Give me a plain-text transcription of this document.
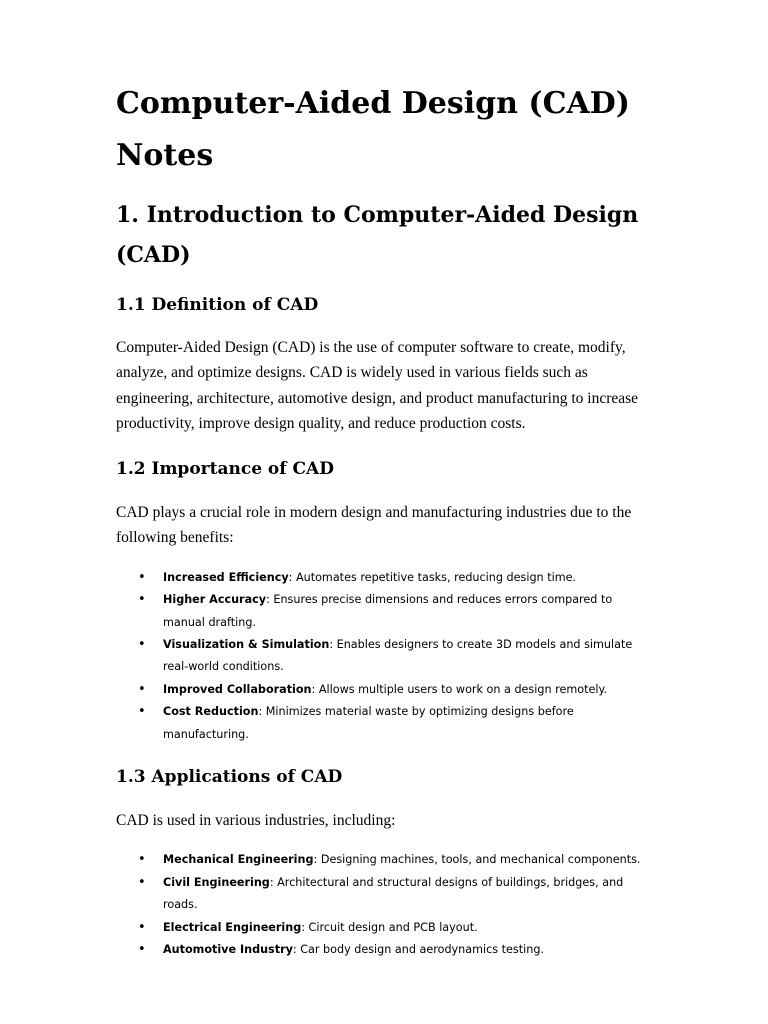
Computer-Aided Design (CAD) Notes
1. Introduction to Computer-Aided Design (CAD)
1.1 Definition of CAD

Computer-Aided Design (CAD) is the use of computer software to create, modify, analyze, and optimize designs. CAD is widely used in various fields such as engineering, architecture, automotive design, and product manufacturing to increase productivity, improve design quality, and reduce production costs.

1.2 Importance of CAD

CAD plays a crucial role in modern design and manufacturing industries due to the following benefits:

• Increased Efficiency: Automates repetitive tasks, reducing design time.
• Higher Accuracy: Ensures precise dimensions and reduces errors compared to manual drafting.
• Visualization & Simulation: Enables designers to create 3D models and simulate real-world conditions.
• Improved Collaboration: Allows multiple users to work on a design remotely.
• Cost Reduction: Minimizes material waste by optimizing designs before manufacturing.
1.3 Applications of CAD

CAD is used in various industries, including:

• Mechanical Engineering: Designing machines, tools, and mechanical components.
• Civil Engineering: Architectural and structural designs of buildings, bridges, and roads.
• Electrical Engineering: Circuit design and PCB layout.
• Automotive Industry: Car body design and aerodynamics testing.
